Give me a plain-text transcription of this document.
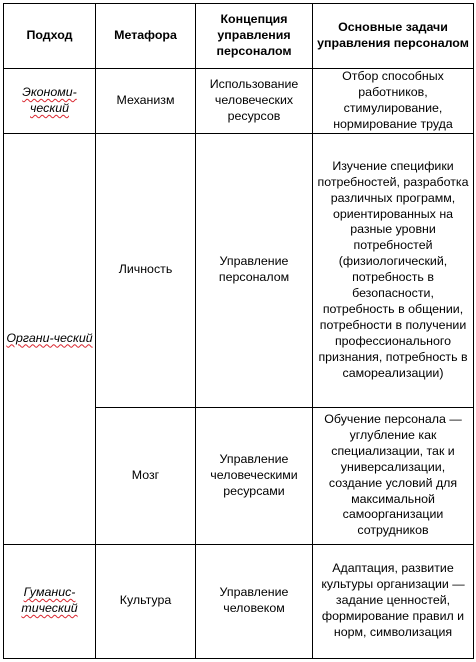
Подход	Метафора	Концепция управления персоналом	Основные задачи управления персоналом
Экономи-ческий	Механизм	Использование человеческих ресурсов	Отбор способных работников, стимулирование, нормирование труда
Органи-ческий	Личность	Управление персоналом	Изучение специфики потребностей, разработка различных программ, ориентированных на разные уровни потребностей (физиологический, потребность в безопасности, потребность в общении, потребности в получении профессионального признания, потребность в самореализации)
	Мозг	Управление человеческими ресурсами	Обучение персонала — углубление как специализации, так и универсализации, создание условий для максимальной самоорганизации сотрудников
Гуманис-тический	Культура	Управление человеком	Адаптация, развитие культуры организации — задание ценностей, формирование правил и норм, символизация
